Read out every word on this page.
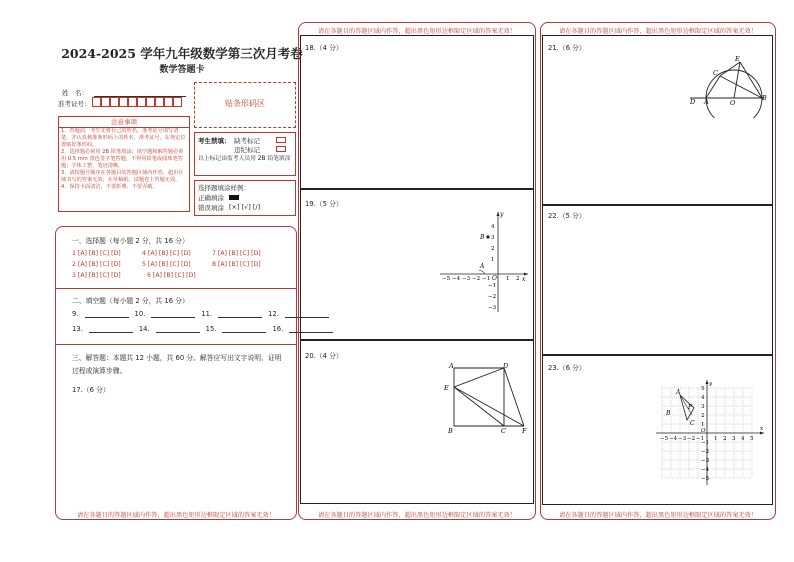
2024-2025 学年九年级数学第三次月考卷
数学答题卡
姓　名：
准考证号：	贴条形码区
注意事项
1．答题前，考生先将自己的姓名，准考证号填写清楚，并认真核准条形码上的姓名、准考证号，在规定位置贴好条形码。
2．选择题必须用 2B 铅笔填涂；填空题和解答题必须用 0.5 mm 黑色签字笔答题，不得用铅笔或圆珠笔答题；字体工整、笔迹清晰。
3．请按题号顺序在各题目的答题区域内作答，超出区域书写的答案无效；在草稿纸、试题卷上答题无效。
4．保持卡面清洁，不要折叠、不要弄破。
考生禁填： 缺考标记
违纪标记
以上标记由监考人员用 2B 铅笔填涂
选择题填涂样例：
正确填涂
错误填涂 [×] [√] [/]
一、选择题（每小题 2 分，共 16 分）
1 [A] [B] [C] [D]	4 [A] [B] [C] [D]	7 [A] [B] [C] [D]
2 [A] [B] [C] [D]	5 [A] [B] [C] [D]	8 [A] [B] [C] [D]
3 [A] [B] [C] [D]	6 [A] [B] [C] [D]
二、填空题（每小题 2 分，共 16 分）
9.	10.	11.	12.
13.	14.	15.	16.
三、解答题：本题共 12 小题，共 60 分。解答应写出文字说明、证明过程或演算步骤。
17.（6 分）
请在各题目的答题区域内作答，超出黑色矩形边框限定区域的答案无效！
请在各题目的答题区域内作答，超出黑色矩形边框限定区域的答案无效！
18.（4 分）
19.（5 分）
x
y
O
−5 −4 −3 −2 −1	1 2
4
3
2
1
−1
−2
−3
B
A
20.（4 分）
A	D
E
B	C F
请在各题目的答题区域内作答，超出黑色矩形边框限定区域的答案无效！
请在各题目的答题区域内作答，超出黑色矩形边框限定区域的答案无效！
21.（6 分）
E
C
D A	O
B
22.（5 分）
23.（6 分）
x
y
O
−5 −4 −3 −2 −1 1 2 3 4 5
5
4
3
2
1
−1
−2
−3
−4
−5
A
P
B
C
请在各题目的答题区域内作答，超出黑色矩形边框限定区域的答案无效！
